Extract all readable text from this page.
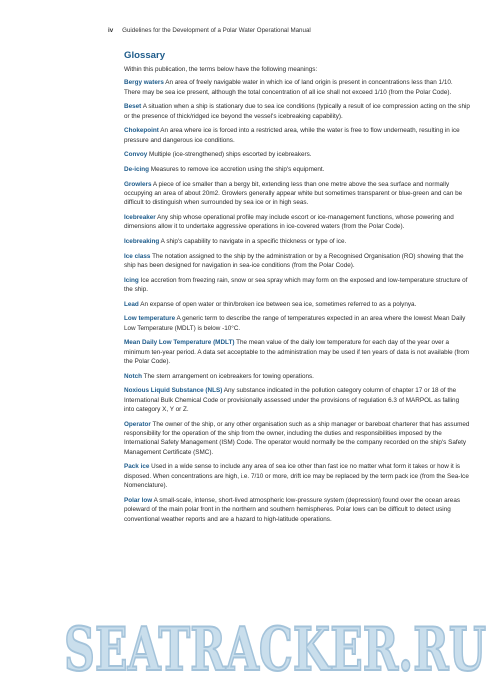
iv Guidelines for the Development of a Polar Water Operational Manual
Glossary
Within this publication, the terms below have the following meanings:
Bergy waters An area of freely navigable water in which ice of land origin is present in concentrations less than 1/10. There may be sea ice present, although the total concentration of all ice shall not exceed 1/10 (from the Polar Code).
Beset A situation when a ship is stationary due to sea ice conditions (typically a result of ice compression acting on the ship or the presence of thick/ridged ice beyond the vessel's icebreaking capability).
Chokepoint An area where ice is forced into a restricted area, while the water is free to flow underneath, resulting in ice pressure and dangerous ice conditions.
Convoy Multiple (ice-strengthened) ships escorted by icebreakers.
De-icing Measures to remove ice accretion using the ship's equipment.
Growlers A piece of ice smaller than a bergy bit, extending less than one metre above the sea surface and normally occupying an area of about 20m2. Growlers generally appear white but sometimes transparent or blue-green and can be difficult to distinguish when surrounded by sea ice or in high seas.
Icebreaker Any ship whose operational profile may include escort or ice-management functions, whose powering and dimensions allow it to undertake aggressive operations in ice-covered waters (from the Polar Code).
Icebreaking A ship's capability to navigate in a specific thickness or type of ice.
Ice class The notation assigned to the ship by the administration or by a Recognised Organisation (RO) showing that the ship has been designed for navigation in sea-ice conditions (from the Polar Code).
Icing Ice accretion from freezing rain, snow or sea spray which may form on the exposed and low-temperature structure of the ship.
Lead An expanse of open water or thin/broken ice between sea ice, sometimes referred to as a polynya.
Low temperature A generic term to describe the range of temperatures expected in an area where the lowest Mean Daily Low Temperature (MDLT) is below -10°C.
Mean Daily Low Temperature (MDLT) The mean value of the daily low temperature for each day of the year over a minimum ten-year period. A data set acceptable to the administration may be used if ten years of data is not available (from the Polar Code).
Notch The stern arrangement on icebreakers for towing operations.
Noxious Liquid Substance (NLS) Any substance indicated in the pollution category column of chapter 17 or 18 of the International Bulk Chemical Code or provisionally assessed under the provisions of regulation 6.3 of MARPOL as falling into category X, Y or Z.
Operator The owner of the ship, or any other organisation such as a ship manager or bareboat charterer that has assumed responsibility for the operation of the ship from the owner, including the duties and responsibilities imposed by the International Safety Management (ISM) Code. The operator would normally be the company recorded on the ship's Safety Management Certificate (SMC).
Pack ice Used in a wide sense to include any area of sea ice other than fast ice no matter what form it takes or how it is disposed. When concentrations are high, i.e. 7/10 or more, drift ice may be replaced by the term pack ice (from the Sea-Ice Nomenclature).
Polar low A small-scale, intense, short-lived atmospheric low-pressure system (depression) found over the ocean areas poleward of the main polar front in the northern and southern hemispheres. Polar lows can be difficult to detect using conventional weather reports and are a hazard to high-latitude operations.
SEATRACKER.RU
